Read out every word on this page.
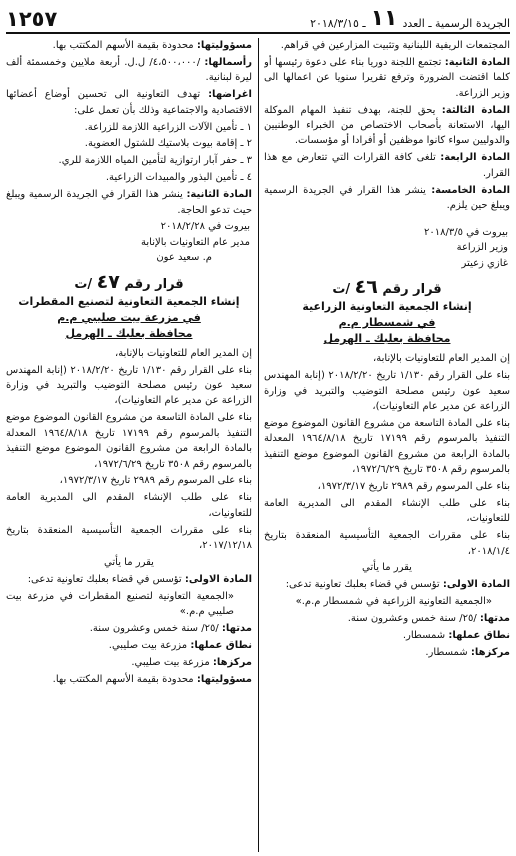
الجريدة الرسمية ـ العدد
١١
ـ ٢٠١٨/٣/١٥
١٢٥٧

المجتمعات الريفية اللبنانية وتثبيت المزارعين في قراهم.

المادة الثانية: تجتمع اللجنة دوريا بناء على دعوة رئيسها أو كلما اقتضت الضرورة وترفع تقريرا سنويا عن اعمالها الى وزير الزراعة.

المادة الثالثة: يحق للجنة، بهدف تنفيذ المهام الموكلة اليها، الاستعانة بأصحاب الاختصاص من الخبراء الوطنيين والدوليين سواء كانوا موظفين أو أفرادا أو مؤسسات.

المادة الرابعة: تلغى كافة القرارات التي تتعارض مع هذا القرار.

المادة الخامسة: ينشر هذا القرار في الجريدة الرسمية ويبلغ حين يلزم.

بيروت في ٢٠١٨/٣/٥

وزير الزراعة

غازي زعيتر

قرار رقم ٤٦ /ت
إنشاء الجمعية التعاونية الزراعية
في شمسطار م.م
محافظة بعلبك ـ الهرمل

إن المدير العام للتعاونيات بالإنابة،

بناء على القرار رقم ١/١٣٠ تاريخ ٢٠١٨/٢/٢٠ (إنابة المهندس سعيد عون رئيس مصلحة التوضيب والتبريد في وزارة الزراعة عن مدير عام التعاونيات)،

بناء على المادة التاسعة من مشروع القانون الموضوع موضع التنفيذ بالمرسوم رقم ١٧١٩٩ تاريخ ١٩٦٤/٨/١٨ المعدلة بالمادة الرابعة من مشروع القانون الموضوع موضع التنفيذ بالمرسوم رقم ٣٥٠٨ تاريخ ١٩٧٢/٦/٢٩،

بناء على المرسوم رقم ٢٩٨٩ تاريخ ١٩٧٢/٣/١٧،

بناء على طلب الإنشاء المقدم الى المديرية العامة للتعاونيات،

بناء على مقررات الجمعية التأسيسية المنعقدة بتاريخ ٢٠١٨/١/٤،

يقرر ما يأتي

المادة الاولى: تؤسس في قضاء بعلبك تعاونية تدعى:

«الجمعية التعاونية الزراعية في شمسطار م.م.»

مدتها: /٢٥/ سنة خمس وعشرون سنة.

نطاق عملها: شمسطار.

مركزها: شمسطار.

مسؤوليتها: محدودة بقيمة الأسهم المكتتب بها.

رأسمالها: /٤،٥٠٠،٠٠٠/ ل.ل. أربعة ملايين وخمسمئة ألف ليرة لبنانية.

اغراضها: تهدف التعاونية الى تحسين أوضاع أعضائها الاقتصادية والاجتماعية وذلك بأن تعمل على:

١ ـ تأمين الآلات الزراعية اللازمة للزراعة.

٢ ـ إقامة بيوت بلاستيك للشتول العضوية.

٣ ـ حفر آبار ارتوازية لتأمين المياه اللازمة للري.

٤ ـ تأمين البذور والمبيدات الزراعية.

المادة الثانية: ينشر هذا القرار في الجريدة الرسمية ويبلغ حيث تدعو الحاجة.

بيروت في ٢٠١٨/٢/٢٨

مدير عام التعاونيات بالإنابة

م. سعيد عون

قرار رقم ٤٧ /ت
إنشاء الجمعية التعاونية لتصنيع المقطرات
في مزرعة بيت صليبي م.م
محافظة بعلبك ـ الهرمل

إن المدير العام للتعاونيات بالإنابة،

بناء على القرار رقم ١/١٣٠ تاريخ ٢٠١٨/٢/٢٠ (إنابة المهندس سعيد عون رئيس مصلحة التوضيب والتبريد في وزارة الزراعة عن مدير عام التعاونيات)،

بناء على المادة التاسعة من مشروع القانون الموضوع موضع التنفيذ بالمرسوم رقم ١٧١٩٩ تاريخ ١٩٦٤/٨/١٨ المعدلة بالمادة الرابعة من مشروع القانون الموضوع موضع التنفيذ بالمرسوم رقم ٣٥٠٨ تاريخ ١٩٧٢/٦/٢٩،

بناء على المرسوم رقم ٢٩٨٩ تاريخ ١٩٧٢/٣/١٧،

بناء على طلب الإنشاء المقدم الى المديرية العامة للتعاونيات،

بناء على مقررات الجمعية التأسيسية المنعقدة بتاريخ ٢٠١٧/١٢/١٨،

يقرر ما يأتي

المادة الاولى: تؤسس في قضاء بعلبك تعاونية تدعى:

«الجمعية التعاونية لتصنيع المقطرات في مزرعة بيت صليبي م.م.»

مدتها: /٢٥/ سنة خمس وعشرون سنة.

نطاق عملها: مزرعة بيت صليبي.

مركزها: مزرعة بيت صليبي.

مسؤوليتها: محدودة بقيمة الأسهم المكتتب بها.
